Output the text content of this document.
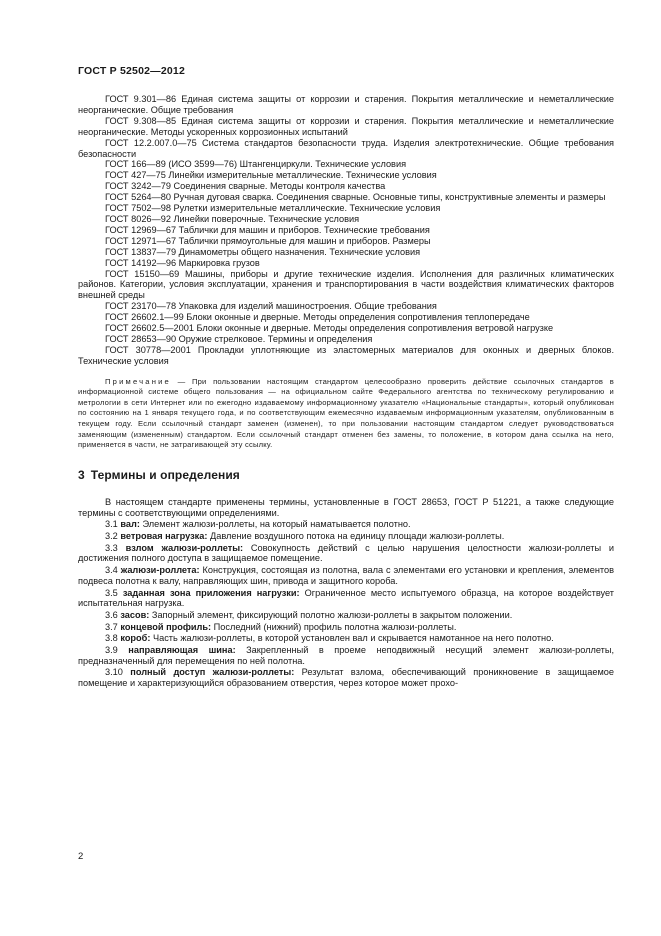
ГОСТ Р 52502—2012

ГОСТ 9.301—86 Единая система защиты от коррозии и старения. Покрытия металлические и неметаллические неорганические. Общие требования

ГОСТ 9.308—85 Единая система защиты от коррозии и старения. Покрытия металлические и неметаллические неорганические. Методы ускоренных коррозионных испытаний

ГОСТ 12.2.007.0—75 Система стандартов безопасности труда. Изделия электротехнические. Общие требования безопасности

ГОСТ 166—89 (ИСО 3599—76) Штангенциркули. Технические условия

ГОСТ 427—75 Линейки измерительные металлические. Технические условия

ГОСТ 3242—79 Соединения сварные. Методы контроля качества

ГОСТ 5264—80 Ручная дуговая сварка. Соединения сварные. Основные типы, конструктивные элементы и размеры

ГОСТ 7502—98 Рулетки измерительные металлические. Технические условия

ГОСТ 8026—92 Линейки поверочные. Технические условия

ГОСТ 12969—67 Таблички для машин и приборов. Технические требования

ГОСТ 12971—67 Таблички прямоугольные для машин и приборов. Размеры

ГОСТ 13837—79 Динамометры общего назначения. Технические условия

ГОСТ 14192—96 Маркировка грузов

ГОСТ 15150—69 Машины, приборы и другие технические изделия. Исполнения для различных климатических районов. Категории, условия эксплуатации, хранения и транспортирования в части воздействия климатических факторов внешней среды

ГОСТ 23170—78 Упаковка для изделий машиностроения. Общие требования

ГОСТ 26602.1—99 Блоки оконные и дверные. Методы определения сопротивления теплопередаче

ГОСТ 26602.5—2001 Блоки оконные и дверные. Методы определения сопротивления ветровой нагрузке

ГОСТ 28653—90 Оружие стрелковое. Термины и определения

ГОСТ 30778—2001 Прокладки уплотняющие из эластомерных материалов для оконных и дверных блоков. Технические условия

Примечание — При пользовании настоящим стандартом целесообразно проверить действие ссылочных стандартов в информационной системе общего пользования — на официальном сайте Федерального агентства по техническому регулированию и метрологии в сети Интернет или по ежегодно издаваемому информационному указателю «Национальные стандарты», который опубликован по состоянию на 1 января текущего года, и по соответствующим ежемесячно издаваемым информационным указателям, опубликованным в текущем году. Если ссылочный стандарт заменен (изменен), то при пользовании настоящим стандартом следует руководствоваться заменяющим (измененным) стандартом. Если ссылочный стандарт отменен без замены, то положение, в котором дана ссылка на него, применяется в части, не затрагивающей эту ссылку.

3 Термины и определения

В настоящем стандарте применены термины, установленные в ГОСТ 28653, ГОСТ Р 51221, а также следующие термины с соответствующими определениями.

3.1 вал: Элемент жалюзи-роллеты, на который наматывается полотно.

3.2 ветровая нагрузка: Давление воздушного потока на единицу площади жалюзи-роллеты.

3.3 взлом жалюзи-роллеты: Совокупность действий с целью нарушения целостности жалюзи-роллеты и достижения полного доступа в защищаемое помещение.

3.4 жалюзи-роллета: Конструкция, состоящая из полотна, вала с элементами его установки и крепления, элементов подвеса полотна к валу, направляющих шин, привода и защитного короба.

3.5 заданная зона приложения нагрузки: Ограниченное место испытуемого образца, на которое воздействует испытательная нагрузка.

3.6 засов: Запорный элемент, фиксирующий полотно жалюзи-роллеты в закрытом положении.

3.7 концевой профиль: Последний (нижний) профиль полотна жалюзи-роллеты.

3.8 короб: Часть жалюзи-роллеты, в которой установлен вал и скрывается намотанное на него полотно.

3.9 направляющая шина: Закрепленный в проеме неподвижный несущий элемент жалюзи-роллеты, предназначенный для перемещения по ней полотна.

3.10 полный доступ жалюзи-роллеты: Результат взлома, обеспечивающий проникновение в защищаемое помещение и характеризующийся образованием отверстия, через которое может прохо-

2
